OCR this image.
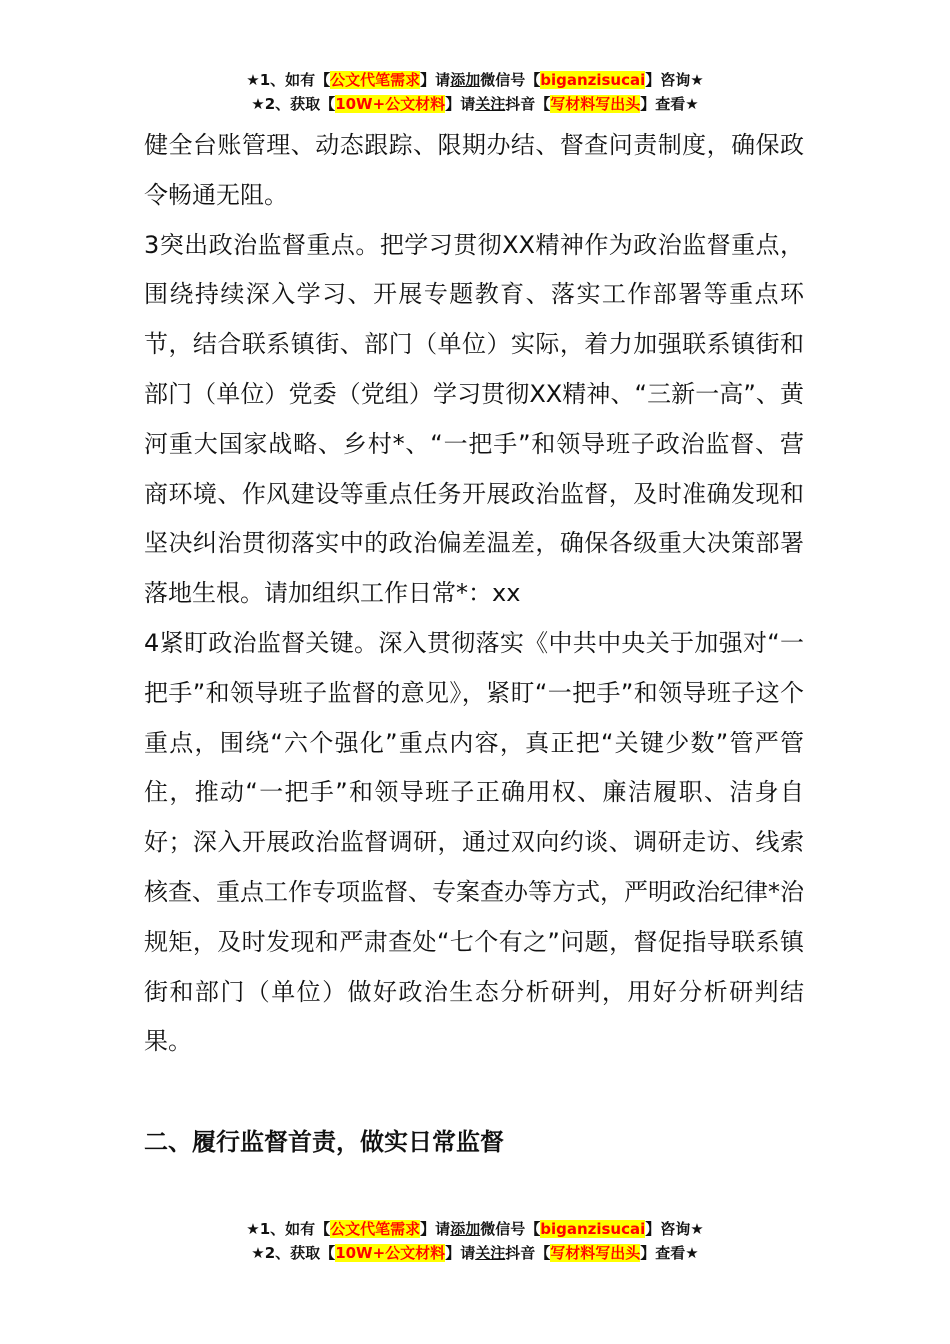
★1、如有【公文代笔需求】请添加微信号【biganzisucai】咨询★
★2、获取【10W+公文材料】请关注抖音【写材料写出头】查看★

健全台账管理、动态跟踪、限期办结、督查问责制度，确保政令畅通无阻。

3突出政治监督重点。把学习贯彻XX精神作为政治监督重点，围绕持续深入学习、开展专题教育、落实工作部署等重点环节，结合联系镇街、部门（单位）实际，着力加强联系镇街和部门（单位）党委（党组）学习贯彻XX精神、“三新一高”、黄河重大国家战略、乡村*、“一把手”和领导班子政治监督、营商环境、作风建设等重点任务开展政治监督，及时准确发现和坚决纠治贯彻落实中的政治偏差温差，确保各级重大决策部署落地生根。请加组织工作日常*：xx

4紧盯政治监督关键。深入贯彻落实《中共中央关于加强对“一把手”和领导班子监督的意见》，紧盯“一把手”和领导班子这个重点，围绕“六个强化”重点内容，真正把“关键少数”管严管住，推动“一把手”和领导班子正确用权、廉洁履职、洁身自好；深入开展政治监督调研，通过双向约谈、调研走访、线索核查、重点工作专项监督、专案查办等方式，严明政治纪律*治规矩，及时发现和严肃查处“七个有之”问题，督促指导联系镇街和部门（单位）做好政治生态分析研判，用好分析研判结果。

二、履行监督首责，做实日常监督

★1、如有【公文代笔需求】请添加微信号【biganzisucai】咨询★
★2、获取【10W+公文材料】请关注抖音【写材料写出头】查看★
